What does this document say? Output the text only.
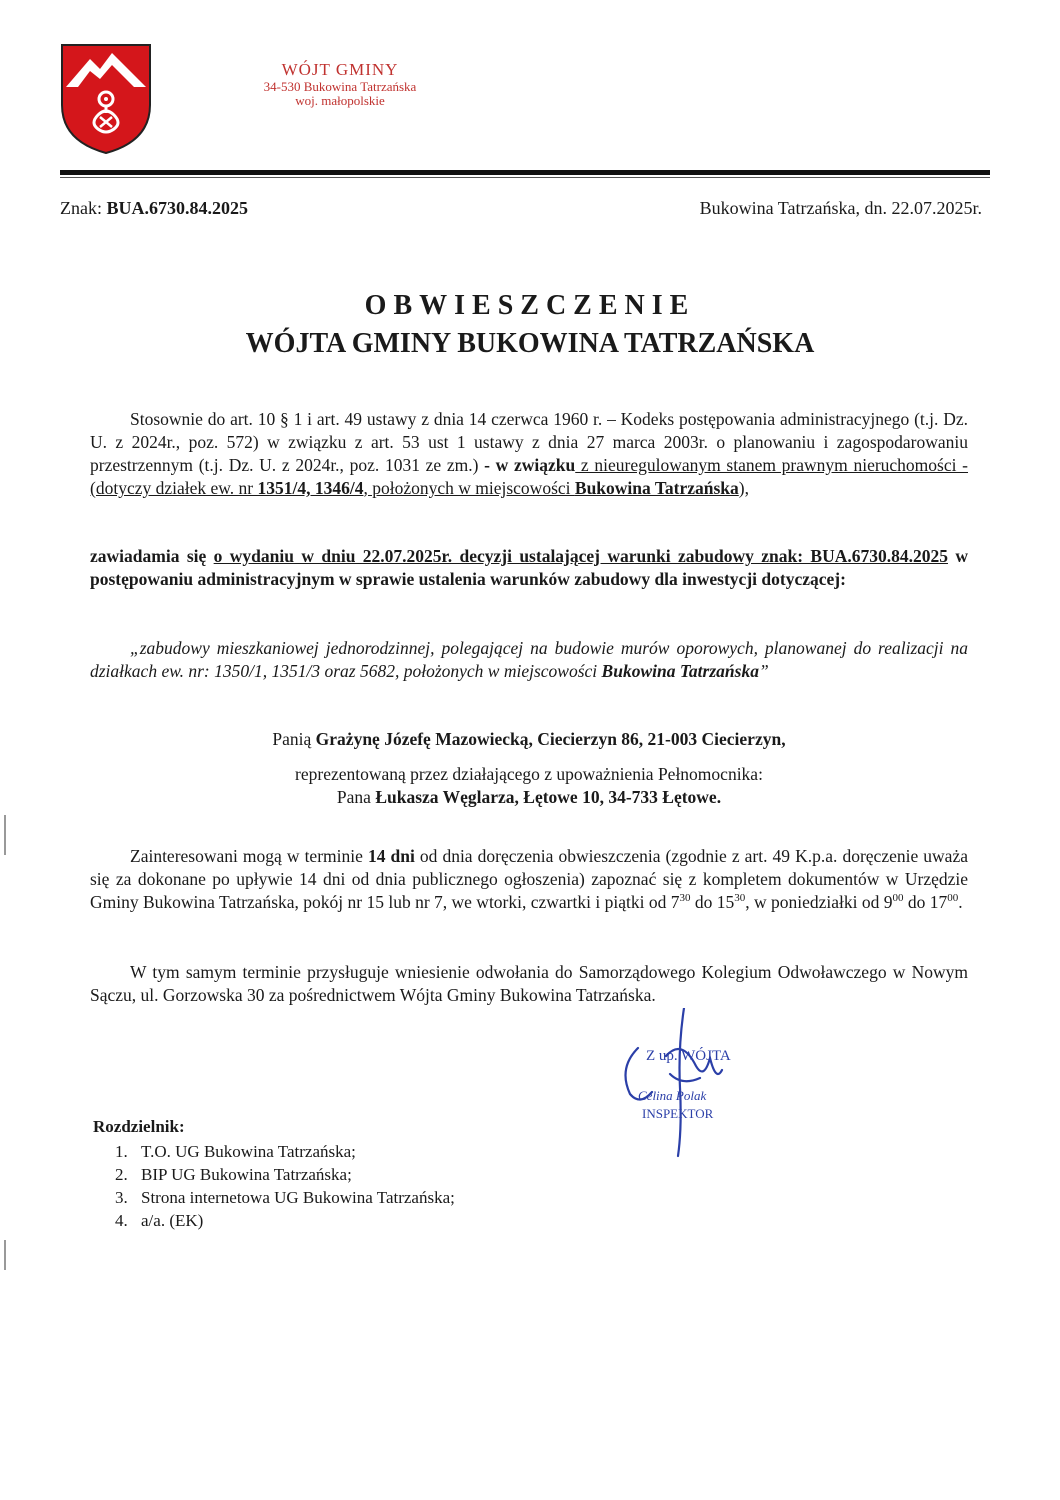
WÓJT GMINY
34-530 Bukowina Tatrzańska
woj. małopolskie
Znak: BUA.6730.84.2025	Bukowina Tatrzańska, dn. 22.07.2025r.
OBWIESZCZENIE
WÓJTA GMINY BUKOWINA TATRZAŃSKA
Stosownie do art. 10 § 1 i art. 49 ustawy z dnia 14 czerwca 1960 r. – Kodeks postępowania administracyjnego (t.j. Dz. U. z 2024r., poz. 572) w związku z art. 53 ust 1 ustawy z dnia 27 marca 2003r. o planowaniu i zagospodarowaniu przestrzennym (t.j. Dz. U. z 2024r., poz. 1031 ze zm.) - w związku z nieuregulowanym stanem prawnym nieruchomości - (dotyczy działek ew. nr 1351/4, 1346/4, położonych w miejscowości Bukowina Tatrzańska),
zawiadamia się o wydaniu w dniu 22.07.2025r. decyzji ustalającej warunki zabudowy znak: BUA.6730.84.2025 w postępowaniu administracyjnym w sprawie ustalenia warunków zabudowy dla inwestycji dotyczącej:
„zabudowy mieszkaniowej jednorodzinnej, polegającej na budowie murów oporowych, planowanej do realizacji na działkach ew. nr: 1350/1, 1351/3 oraz 5682, położonych w miejscowości Bukowina Tatrzańska”
Panią Grażynę Józefę Mazowiecką, Ciecierzyn 86, 21-003 Ciecierzyn,
reprezentowaną przez działającego z upoważnienia Pełnomocnika:
Pana Łukasza Węglarza, Łętowe 10, 34-733 Łętowe.
Zainteresowani mogą w terminie 14 dni od dnia doręczenia obwieszczenia (zgodnie z art. 49 K.p.a. doręczenie uważa się za dokonane po upływie 14 dni od dnia publicznego ogłoszenia) zapoznać się z kompletem dokumentów w Urzędzie Gminy Bukowina Tatrzańska, pokój nr 15 lub nr 7, we wtorki, czwartki i piątki od $7^{30}$ do $15^{30}$, w poniedziałki od $9^{00}$ do $17^{00}$.
W tym samym terminie przysługuje wniesienie odwołania do Samorządowego Kolegium Odwoławczego w Nowym Sączu, ul. Gorzowska 30 za pośrednictwem Wójta Gminy Bukowina Tatrzańska.
Z up. WÓJTA
Celina Polak
INSPEKTOR
Rozdzielnik:
1. T.O. UG Bukowina Tatrzańska;
2. BIP UG Bukowina Tatrzańska;
3. Strona internetowa UG Bukowina Tatrzańska;
4. a/a. (EK)
